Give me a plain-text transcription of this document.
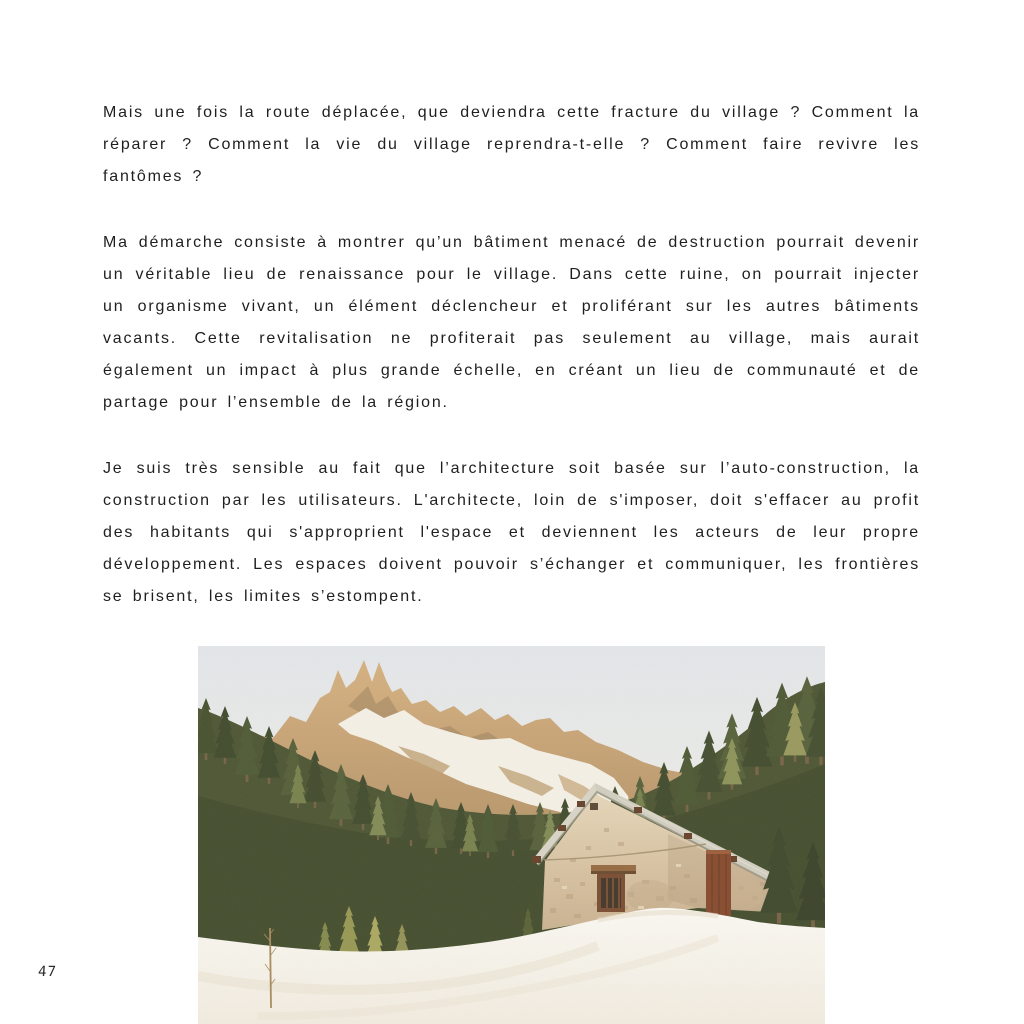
Mais une fois la route déplacée, que deviendra cette fracture du village ? Comment la réparer ? Comment la vie du village reprendra-t-elle ? Comment faire revivre les fantômes ?

Ma démarche consiste à montrer qu’un bâtiment menacé de destruction pourrait devenir un véritable lieu de renaissance pour le village. Dans cette ruine, on pourrait injecter un organisme vivant, un élément déclencheur et proliférant sur les autres bâtiments vacants. Cette revitalisation ne profiterait pas seulement au village, mais aurait également un impact à plus grande échelle, en créant un lieu de communauté et de partage pour l’ensemble de la région.

Je suis très sensible au fait que l’architecture soit basée sur l’auto-construction, la construction par les utilisateurs. L'architecte, loin de s'imposer, doit s'effacer au profit des habitants qui s'approprient l'espace et deviennent les acteurs de leur propre développement. Les espaces doivent pouvoir s’échanger et communiquer, les frontières se brisent, les limites s’estompent.

47
